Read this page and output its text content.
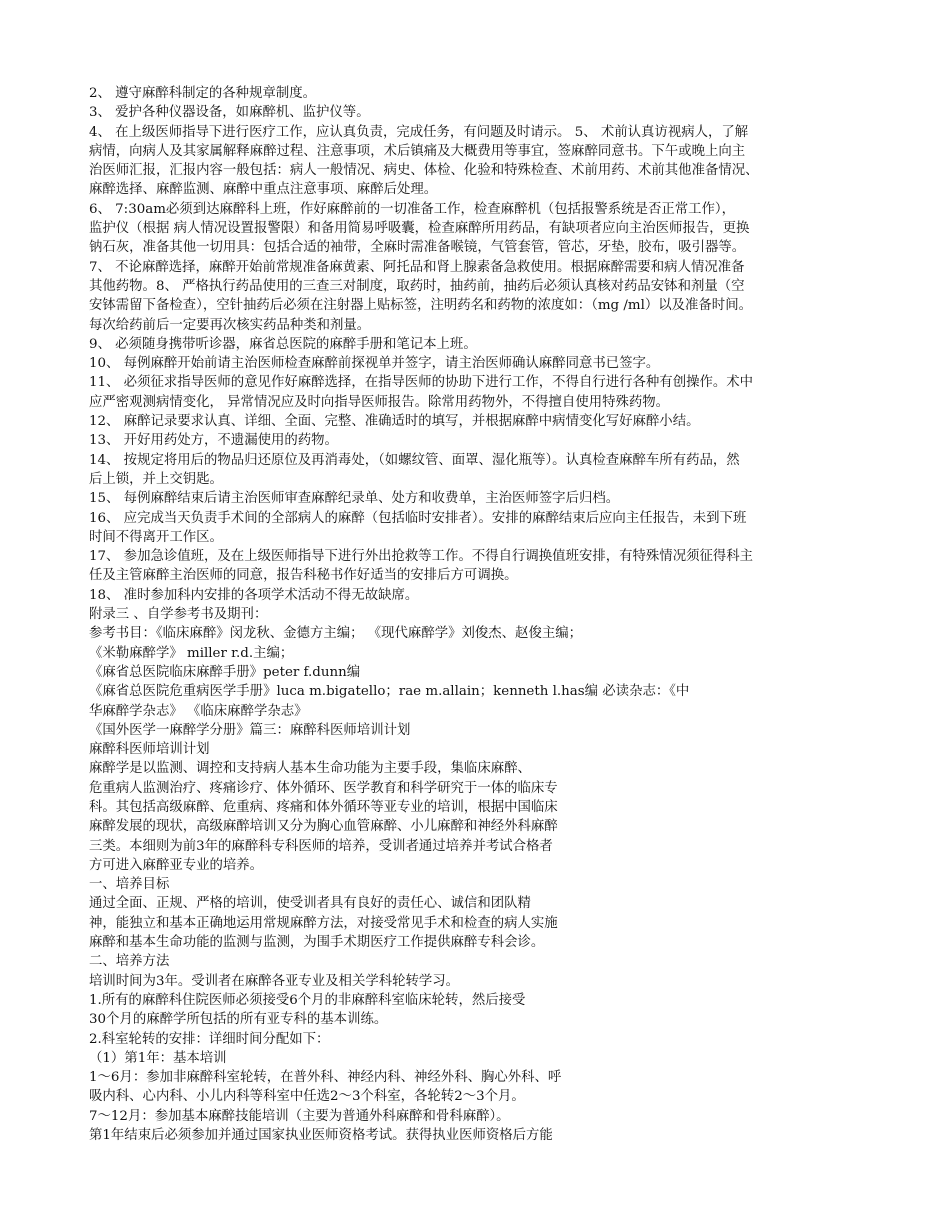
2、 遵守麻醉科制定的各种规章制度。
3、 爱护各种仪器设备，如麻醉机、监护仪等。
4、 在上级医师指导下进行医疗工作，应认真负责，完成任务，有问题及时请示。 5、 术前认真访视病人，了解
病情，向病人及其家属解释麻醉过程、注意事项，术后镇痛及大概费用等事宜，签麻醉同意书。下午或晚上向主
治医师汇报，汇报内容一般包括：病人一般情况、病史、体检、化验和特殊检查、术前用药、术前其他准备情况、
麻醉选择、麻醉监测、麻醉中重点注意事项、麻醉后处理。
6、 7:30am必须到达麻醉科上班，作好麻醉前的一切准备工作，检查麻醉机（包括报警系统是否正常工作），
监护仪（根据 病人情况设置报警限）和备用简易呼吸囊，检查麻醉所用药品，有缺项者应向主治医师报告，更换
钠石灰，准备其他一切用具：包括合适的袖带，全麻时需准备喉镜，气管套管，管芯，牙垫，胶布，吸引器等。
7、 不论麻醉选择，麻醉开始前常规准备麻黄素、阿托品和肾上腺素备急救使用。根据麻醉需要和病人情况准备
其他药物。8、 严格执行药品使用的三查三对制度，取药时，抽药前，抽药后必须认真核对药品安钵和剂量（空
安钵需留下备检查），空针抽药后必须在注射器上贴标签，注明药名和药物的浓度如：（mg /ml）以及准备时间。
每次给药前后一定要再次核实药品种类和剂量。
9、 必须随身携带听诊器，麻省总医院的麻醉手册和笔记本上班。
10、 每例麻醉开始前请主治医师检查麻醉前探视单并签字，请主治医师确认麻醉同意书已签字。
11、 必须征求指导医师的意见作好麻醉选择，在指导医师的协助下进行工作，不得自行进行各种有创操作。术中
应严密观测病情变化， 异常情况应及时向指导医师报告。除常用药物外，不得擅自使用特殊药物。
12、 麻醉记录要求认真、详细、全面、完整、准确适时的填写，并根据麻醉中病情变化写好麻醉小结。
13、 开好用药处方，不遗漏使用的药物。
14、 按规定将用后的物品归还原位及再消毒处，（如螺纹管、面罩、湿化瓶等）。认真检查麻醉车所有药品，然
后上锁，并上交钥匙。
15、 每例麻醉结束后请主治医师审查麻醉纪录单、处方和收费单，主治医师签字后归档。
16、 应完成当天负责手术间的全部病人的麻醉（包括临时安排者）。安排的麻醉结束后应向主任报告，未到下班
时间不得离开工作区。
17、 参加急诊值班，及在上级医师指导下进行外出抢救等工作。不得自行调换值班安排，有特殊情况须征得科主
任及主管麻醉主治医师的同意，报告科秘书作好适当的安排后方可调换。
18、 准时参加科内安排的各项学术活动不得无故缺席。
附录三 、自学参考书及期刊：
参考书目：《临床麻醉》闵龙秋、金德方主编； 《现代麻醉学》刘俊杰、赵俊主编；
《米勒麻醉学》 miller r.d.主编；
《麻省总医院临床麻醉手册》peter f.dunn编
《麻省总医院危重病医学手册》luca m.bigatello；rae m.allain；kenneth l.has编 必读杂志：《中
华麻醉学杂志》 《临床麻醉学杂志》
《国外医学一麻醉学分册》篇三：麻醉科医师培训计划
麻醉科医师培训计划
麻醉学是以监测、调控和支持病人基本生命功能为主要手段，集临床麻醉、
危重病人监测治疗、疼痛诊疗、体外循环、医学教育和科学研究于一体的临床专
科。其包括高级麻醉、危重病、疼痛和体外循环等亚专业的培训，根据中国临床
麻醉发展的现状，高级麻醉培训又分为胸心血管麻醉、小儿麻醉和神经外科麻醉
三类。本细则为前3年的麻醉科专科医师的培养，受训者通过培养并考试合格者
方可进入麻醉亚专业的培养。
一、培养目标
通过全面、正规、严格的培训，使受训者具有良好的责任心、诚信和团队精
神，能独立和基本正确地运用常规麻醉方法，对接受常见手术和检查的病人实施
麻醉和基本生命功能的监测与监测，为围手术期医疗工作提供麻醉专科会诊。
二、培养方法
培训时间为3年。受训者在麻醉各亚专业及相关学科轮转学习。
1.所有的麻醉科住院医师必须接受6个月的非麻醉科室临床轮转，然后接受
30个月的麻醉学所包括的所有亚专科的基本训练。
2.科室轮转的安排：详细时间分配如下：
（1）第1年：基本培训
1～6月：参加非麻醉科室轮转，在普外科、神经内科、神经外科、胸心外科、呼
吸内科、心内科、小儿内科等科室中任选2～3个科室，各轮转2～3个月。
7～12月：参加基本麻醉技能培训（主要为普通外科麻醉和骨科麻醉）。
第1年结束后必须参加并通过国家执业医师资格考试。获得执业医师资格后方能
